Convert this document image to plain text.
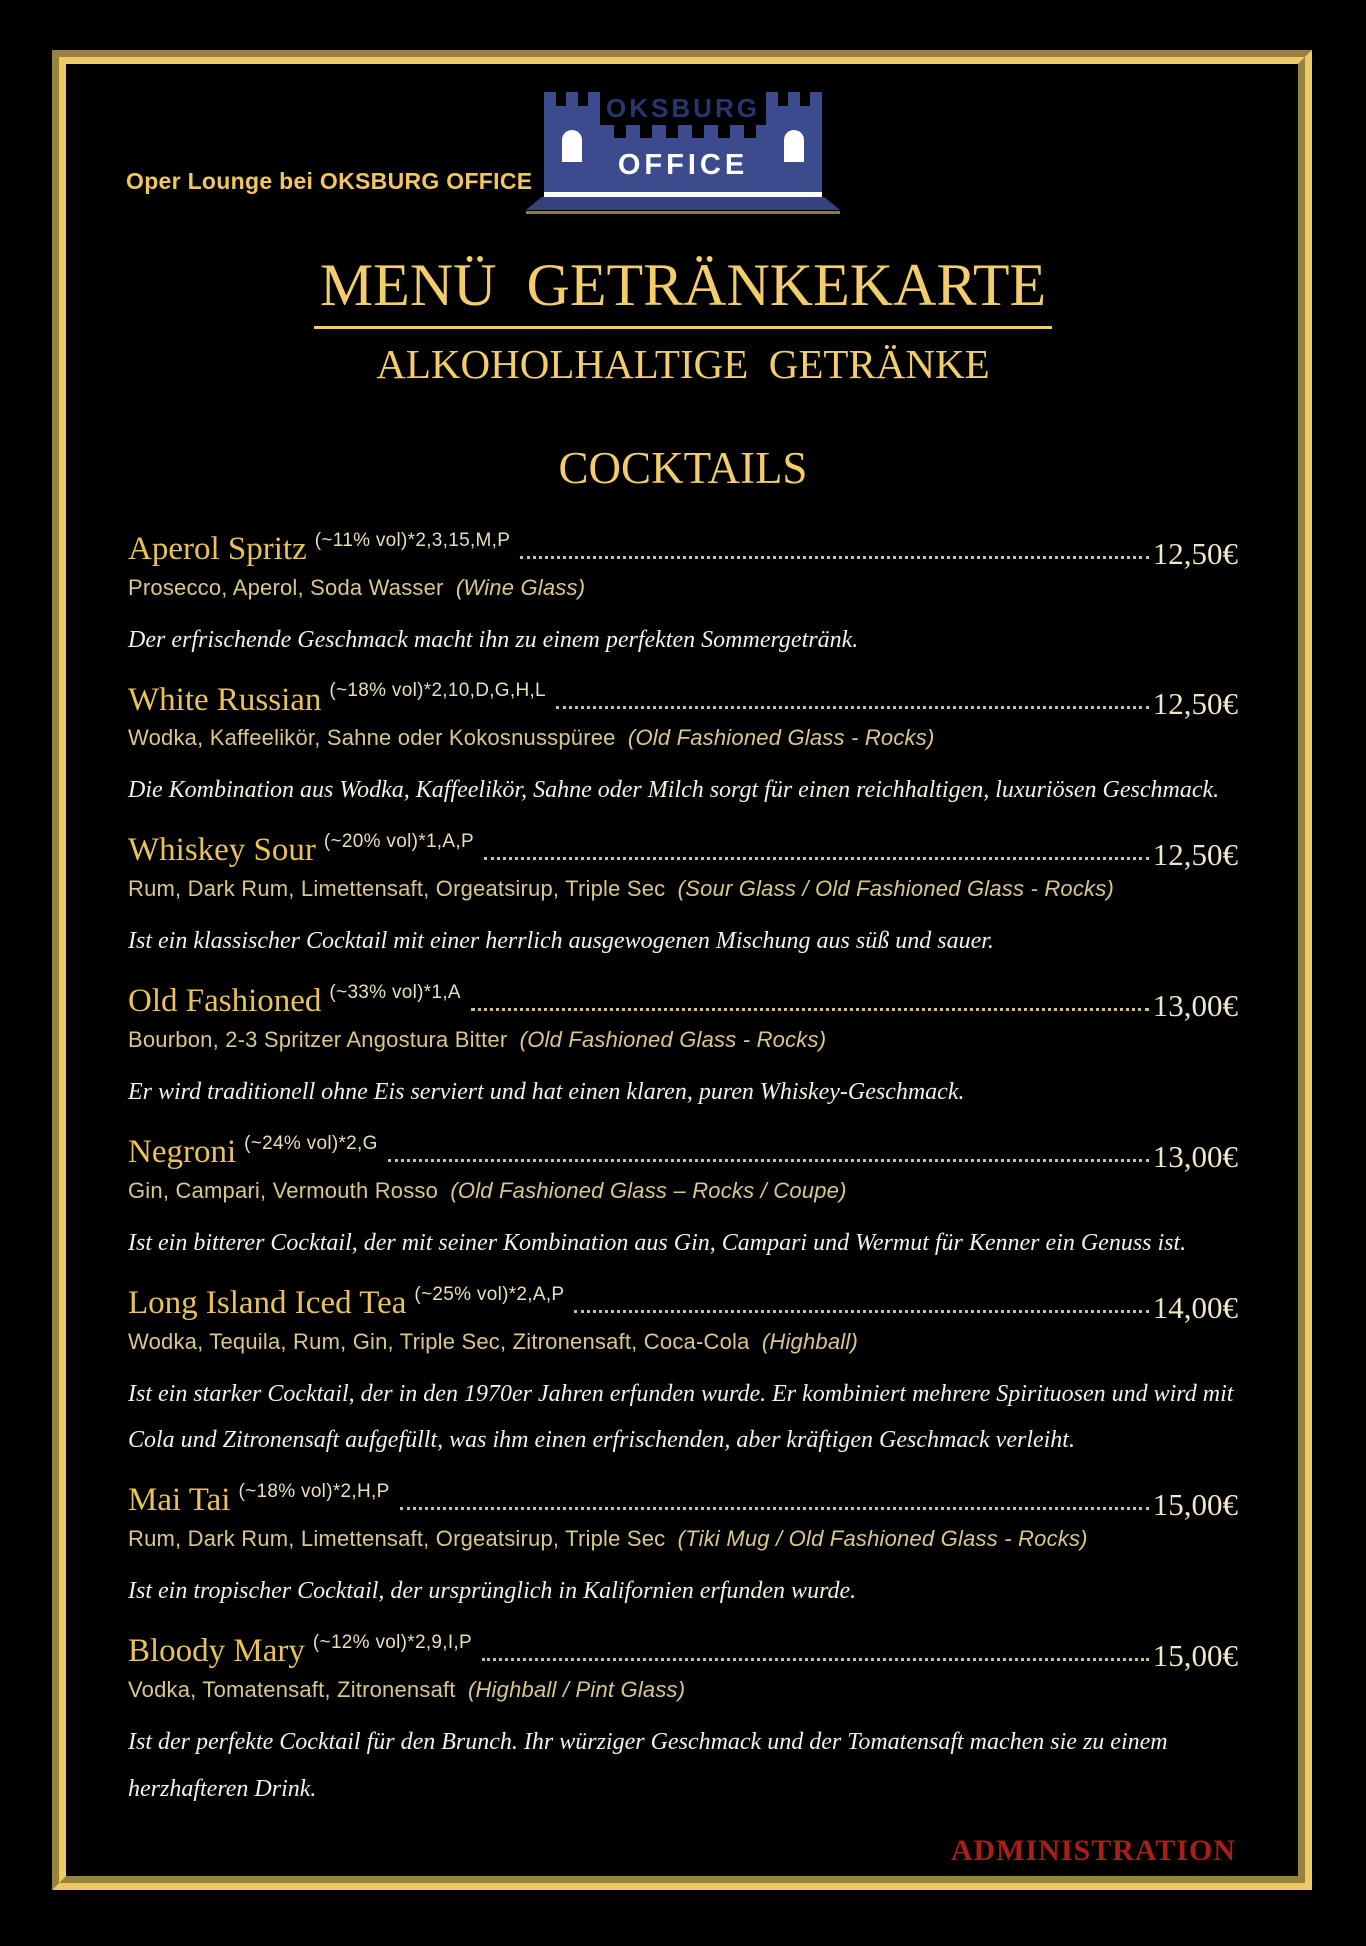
Oper Lounge bei OKSBURG OFFICE
OKSBURG
OFFICE
MENÜ  GETRÄNKEKARTE
ALKOHOLHALTIGE  GETRÄNKE
COCKTAILS
Aperol Spritz (~11% vol)*2,3,15,M,P	12,50€
Prosecco, Aperol, Soda Wasser (Wine Glass)
Der erfrischende Geschmack macht ihn zu einem perfekten Sommergetränk.
White Russian (~18% vol)*2,10,D,G,H,L	12,50€
Wodka, Kaffeelikör, Sahne oder Kokosnusspüree (Old Fashioned Glass - Rocks)
Die Kombination aus Wodka, Kaffeelikör, Sahne oder Milch sorgt für einen reichhaltigen, luxuriösen Geschmack.
Whiskey Sour (~20% vol)*1,A,P	12,50€
Rum, Dark Rum, Limettensaft, Orgeatsirup, Triple Sec (Sour Glass / Old Fashioned Glass - Rocks)
Ist ein klassischer Cocktail mit einer herrlich ausgewogenen Mischung aus süß und sauer.
Old Fashioned (~33% vol)*1,A	13,00€
Bourbon, 2-3 Spritzer Angostura Bitter (Old Fashioned Glass - Rocks)
Er wird traditionell ohne Eis serviert und hat einen klaren, puren Whiskey-Geschmack.
Negroni (~24% vol)*2,G	13,00€
Gin, Campari, Vermouth Rosso (Old Fashioned Glass – Rocks / Coupe)
Ist ein bitterer Cocktail, der mit seiner Kombination aus Gin, Campari und Wermut für Kenner ein Genuss ist.
Long Island Iced Tea (~25% vol)*2,A,P	14,00€
Wodka, Tequila, Rum, Gin, Triple Sec, Zitronensaft, Coca-Cola (Highball)
Ist ein starker Cocktail, der in den 1970er Jahren erfunden wurde. Er kombiniert mehrere Spirituosen und wird mit Cola und Zitronensaft aufgefüllt, was ihm einen erfrischenden, aber kräftigen Geschmack verleiht.
Mai Tai (~18% vol)*2,H,P	15,00€
Rum, Dark Rum, Limettensaft, Orgeatsirup, Triple Sec (Tiki Mug / Old Fashioned Glass - Rocks)
Ist ein tropischer Cocktail, der ursprünglich in Kalifornien erfunden wurde.
Bloody Mary (~12% vol)*2,9,I,P	15,00€
Vodka, Tomatensaft, Zitronensaft (Highball / Pint Glass)
Ist der perfekte Cocktail für den Brunch. Ihr würziger Geschmack und der Tomatensaft machen sie zu einem herzhafteren Drink.
ADMINISTRATION
